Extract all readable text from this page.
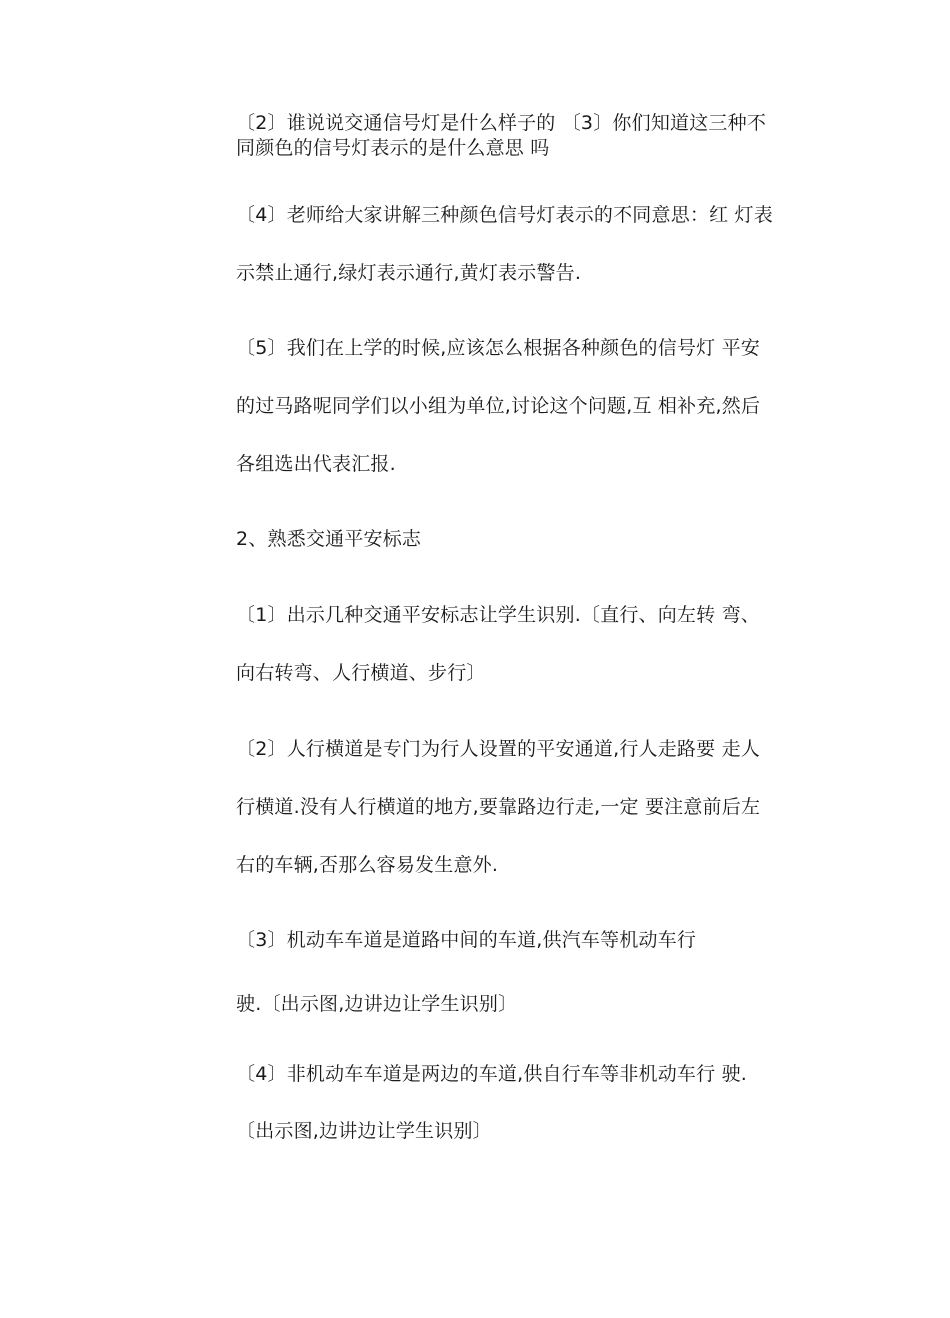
〔2〕谁说说交通信号灯是什么样子的 〔3〕你们知道这三种不
同颜色的信号灯表示的是什么意思 吗
〔4〕老师给大家讲解三种颜色信号灯表示的不同意思：红 灯表
示禁止通行,绿灯表示通行,黄灯表示警告.
〔5〕我们在上学的时候,应该怎么根据各种颜色的信号灯 平安
的过马路呢同学们以小组为单位,讨论这个问题,互 相补充,然后
各组选出代表汇报.
2、熟悉交通平安标志
〔1〕出示几种交通平安标志让学生识别.〔直行、向左转 弯、
向右转弯、人行横道、步行〕
〔2〕人行横道是专门为行人设置的平安通道,行人走路要 走人
行横道.没有人行横道的地方,要靠路边行走,一定 要注意前后左
右的车辆,否那么容易发生意外.
〔3〕机动车车道是道路中间的车道,供汽车等机动车行
驶.〔出示图,边讲边让学生识别〕
〔4〕非机动车车道是两边的车道,供自行车等非机动车行 驶.
〔出示图,边讲边让学生识别〕
